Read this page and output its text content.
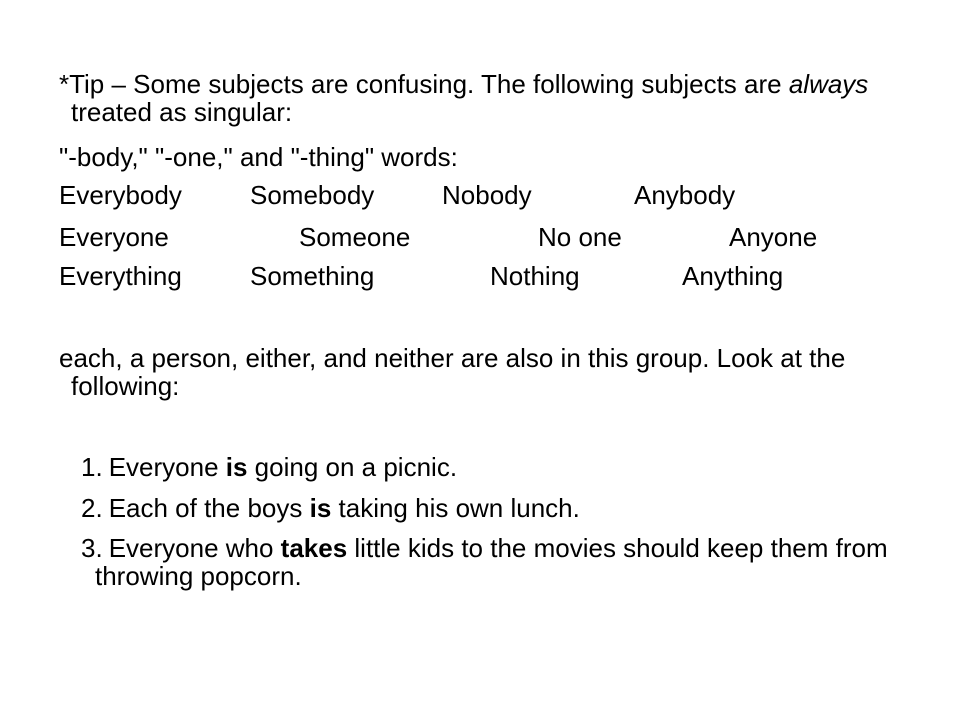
*Tip – Some subjects are confusing. The following subjects are always treated as singular:
"-body," "-one," and "-thing" words:
Everybody	Somebody	Nobody	Anybody
Everyone	Someone	No one	Anyone
Everything	Something	Nothing	Anything
each, a person, either, and neither are also in this group. Look at the following:
1. Everyone is going on a picnic.
2. Each of the boys is taking his own lunch.
3. Everyone who takes little kids to the movies should keep them from throwing popcorn.
